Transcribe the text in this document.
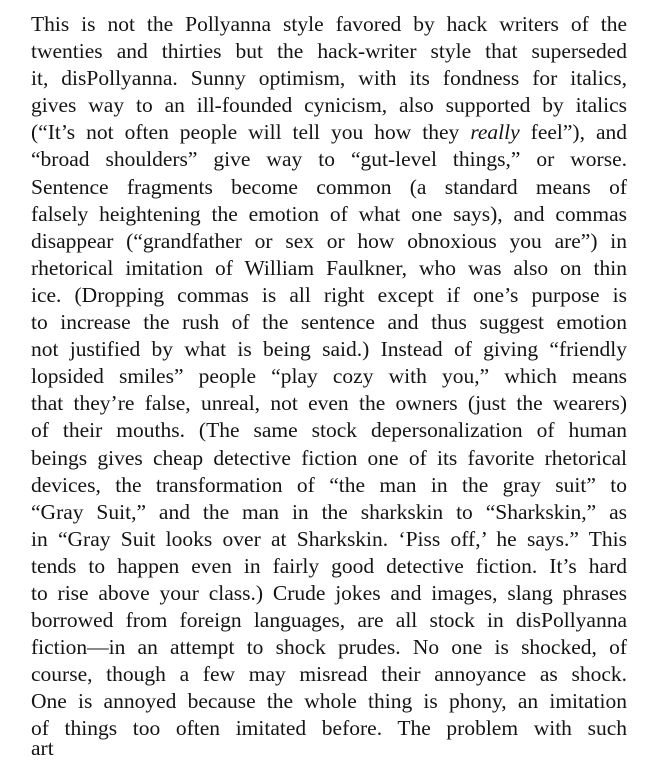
This is not the Pollyanna style favored by hack writers of the
twenties and thirties but the hack-writer style that superseded
it, disPollyanna. Sunny optimism, with its fondness for italics,
gives way to an ill-founded cynicism, also supported by italics
(“It’s not often people will tell you how they really feel”), and
“broad shoulders” give way to “gut-level things,” or worse.
Sentence fragments become common (a standard means of
falsely heightening the emotion of what one says), and commas
disappear (“grandfather or sex or how obnoxious you are”) in
rhetorical imitation of William Faulkner, who was also on thin
ice. (Dropping commas is all right except if one’s purpose is
to increase the rush of the sentence and thus suggest emotion
not justified by what is being said.) Instead of giving “friendly
lopsided smiles” people “play cozy with you,” which means
that they’re false, unreal, not even the owners (just the wearers)
of their mouths. (The same stock depersonalization of human
beings gives cheap detective fiction one of its favorite rhetorical
devices, the transformation of “the man in the gray suit” to
“Gray Suit,” and the man in the sharkskin to “Sharkskin,” as
in “Gray Suit looks over at Sharkskin. ‘Piss off,’ he says.” This
tends to happen even in fairly good detective fiction. It’s hard
to rise above your class.) Crude jokes and images, slang phrases
borrowed from foreign languages, are all stock in disPollyanna
fiction—in an attempt to shock prudes. No one is shocked, of
course, though a few may misread their annoyance as shock.
One is annoyed because the whole thing is phony, an imitation
of things too often imitated before. The problem with such
art
